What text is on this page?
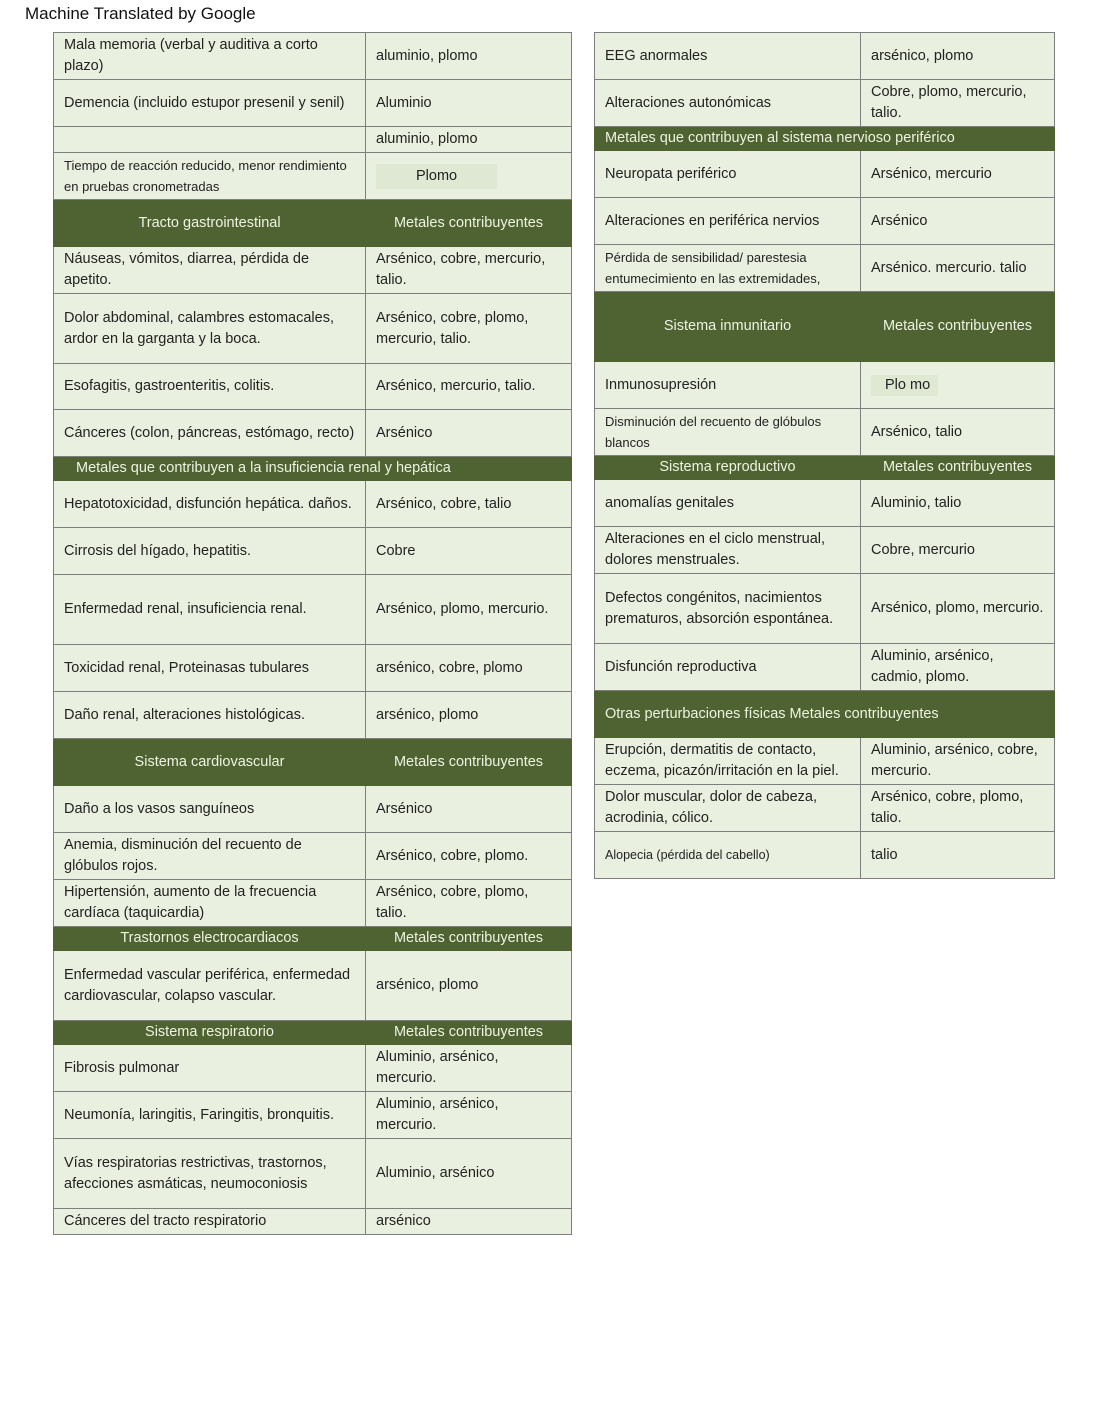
Machine Translated by Google
Mala memoria (verbal y auditiva a corto plazo)	aluminio, plomo
Demencia (incluido estupor presenil y senil)	Aluminio
	aluminio, plomo
Tiempo de reacción reducido, menor rendimiento en pruebas cronometradas	Plomo
Tracto gastrointestinal	Metales contribuyentes
Náuseas, vómitos, diarrea, pérdida de apetito.	Arsénico, cobre, mercurio, talio.
Dolor abdominal, calambres estomacales, ardor en la garganta y la boca.	Arsénico, cobre, plomo, mercurio, talio.
Esofagitis, gastroenteritis, colitis.	Arsénico, mercurio, talio.
Cánceres (colon, páncreas, estómago, recto)	Arsénico
Metales que contribuyen a la insuficiencia renal y hepática	
Hepatotoxicidad, disfunción hepática. daños.	Arsénico, cobre, talio
Cirrosis del hígado, hepatitis.	Cobre
Enfermedad renal, insuficiencia renal.	Arsénico, plomo, mercurio.
Toxicidad renal, Proteinasas tubulares	arsénico, cobre, plomo
Daño renal, alteraciones histológicas.	arsénico, plomo
Sistema cardiovascular	Metales contribuyentes
Daño a los vasos sanguíneos	Arsénico
Anemia, disminución del recuento de glóbulos rojos.	Arsénico, cobre, plomo.
Hipertensión, aumento de la frecuencia cardíaca (taquicardia)	Arsénico, cobre, plomo, talio.
Trastornos electrocardiacos	Metales contribuyentes
Enfermedad vascular periférica, enfermedad cardiovascular, colapso vascular.	arsénico, plomo
Sistema respiratorio	Metales contribuyentes
Fibrosis pulmonar	Aluminio, arsénico, mercurio.
Neumonía, laringitis, Faringitis, bronquitis.	Aluminio, arsénico, mercurio.
Vías respiratorias restrictivas, trastornos, afecciones asmáticas, neumoconiosis	Aluminio, arsénico
Cánceres del tracto respiratorio	arsénico
EEG anormales	arsénico, plomo
Alteraciones autonómicas	Cobre, plomo, mercurio, talio.
Metales que contribuyen al sistema nervioso periférico	
Neuropata periférico	Arsénico, mercurio
Alteraciones en periférica nervios	Arsénico
Pérdida de sensibilidad/ parestesia entumecimiento en las extremidades,	Arsénico. mercurio. talio
Sistema inmunitario	Metales contribuyentes
Inmunosupresión	Plo mo
Disminución del recuento de glóbulos blancos	Arsénico, talio
Sistema reproductivo	Metales contribuyentes
anomalías genitales	Aluminio, talio
Alteraciones en el ciclo menstrual, dolores menstruales.	Cobre, mercurio
Defectos congénitos, nacimientos prematuros, absorción espontánea.	Arsénico, plomo, mercurio.
Disfunción reproductiva	Aluminio, arsénico, cadmio, plomo.
Otras perturbaciones físicas Metales contribuyentes	
Erupción, dermatitis de contacto, eczema, picazón/irritación en la piel.	Aluminio, arsénico, cobre, mercurio.
Dolor muscular, dolor de cabeza, acrodinia, cólico.	Arsénico, cobre, plomo, talio.
Alopecia (pérdida del cabello)	talio
